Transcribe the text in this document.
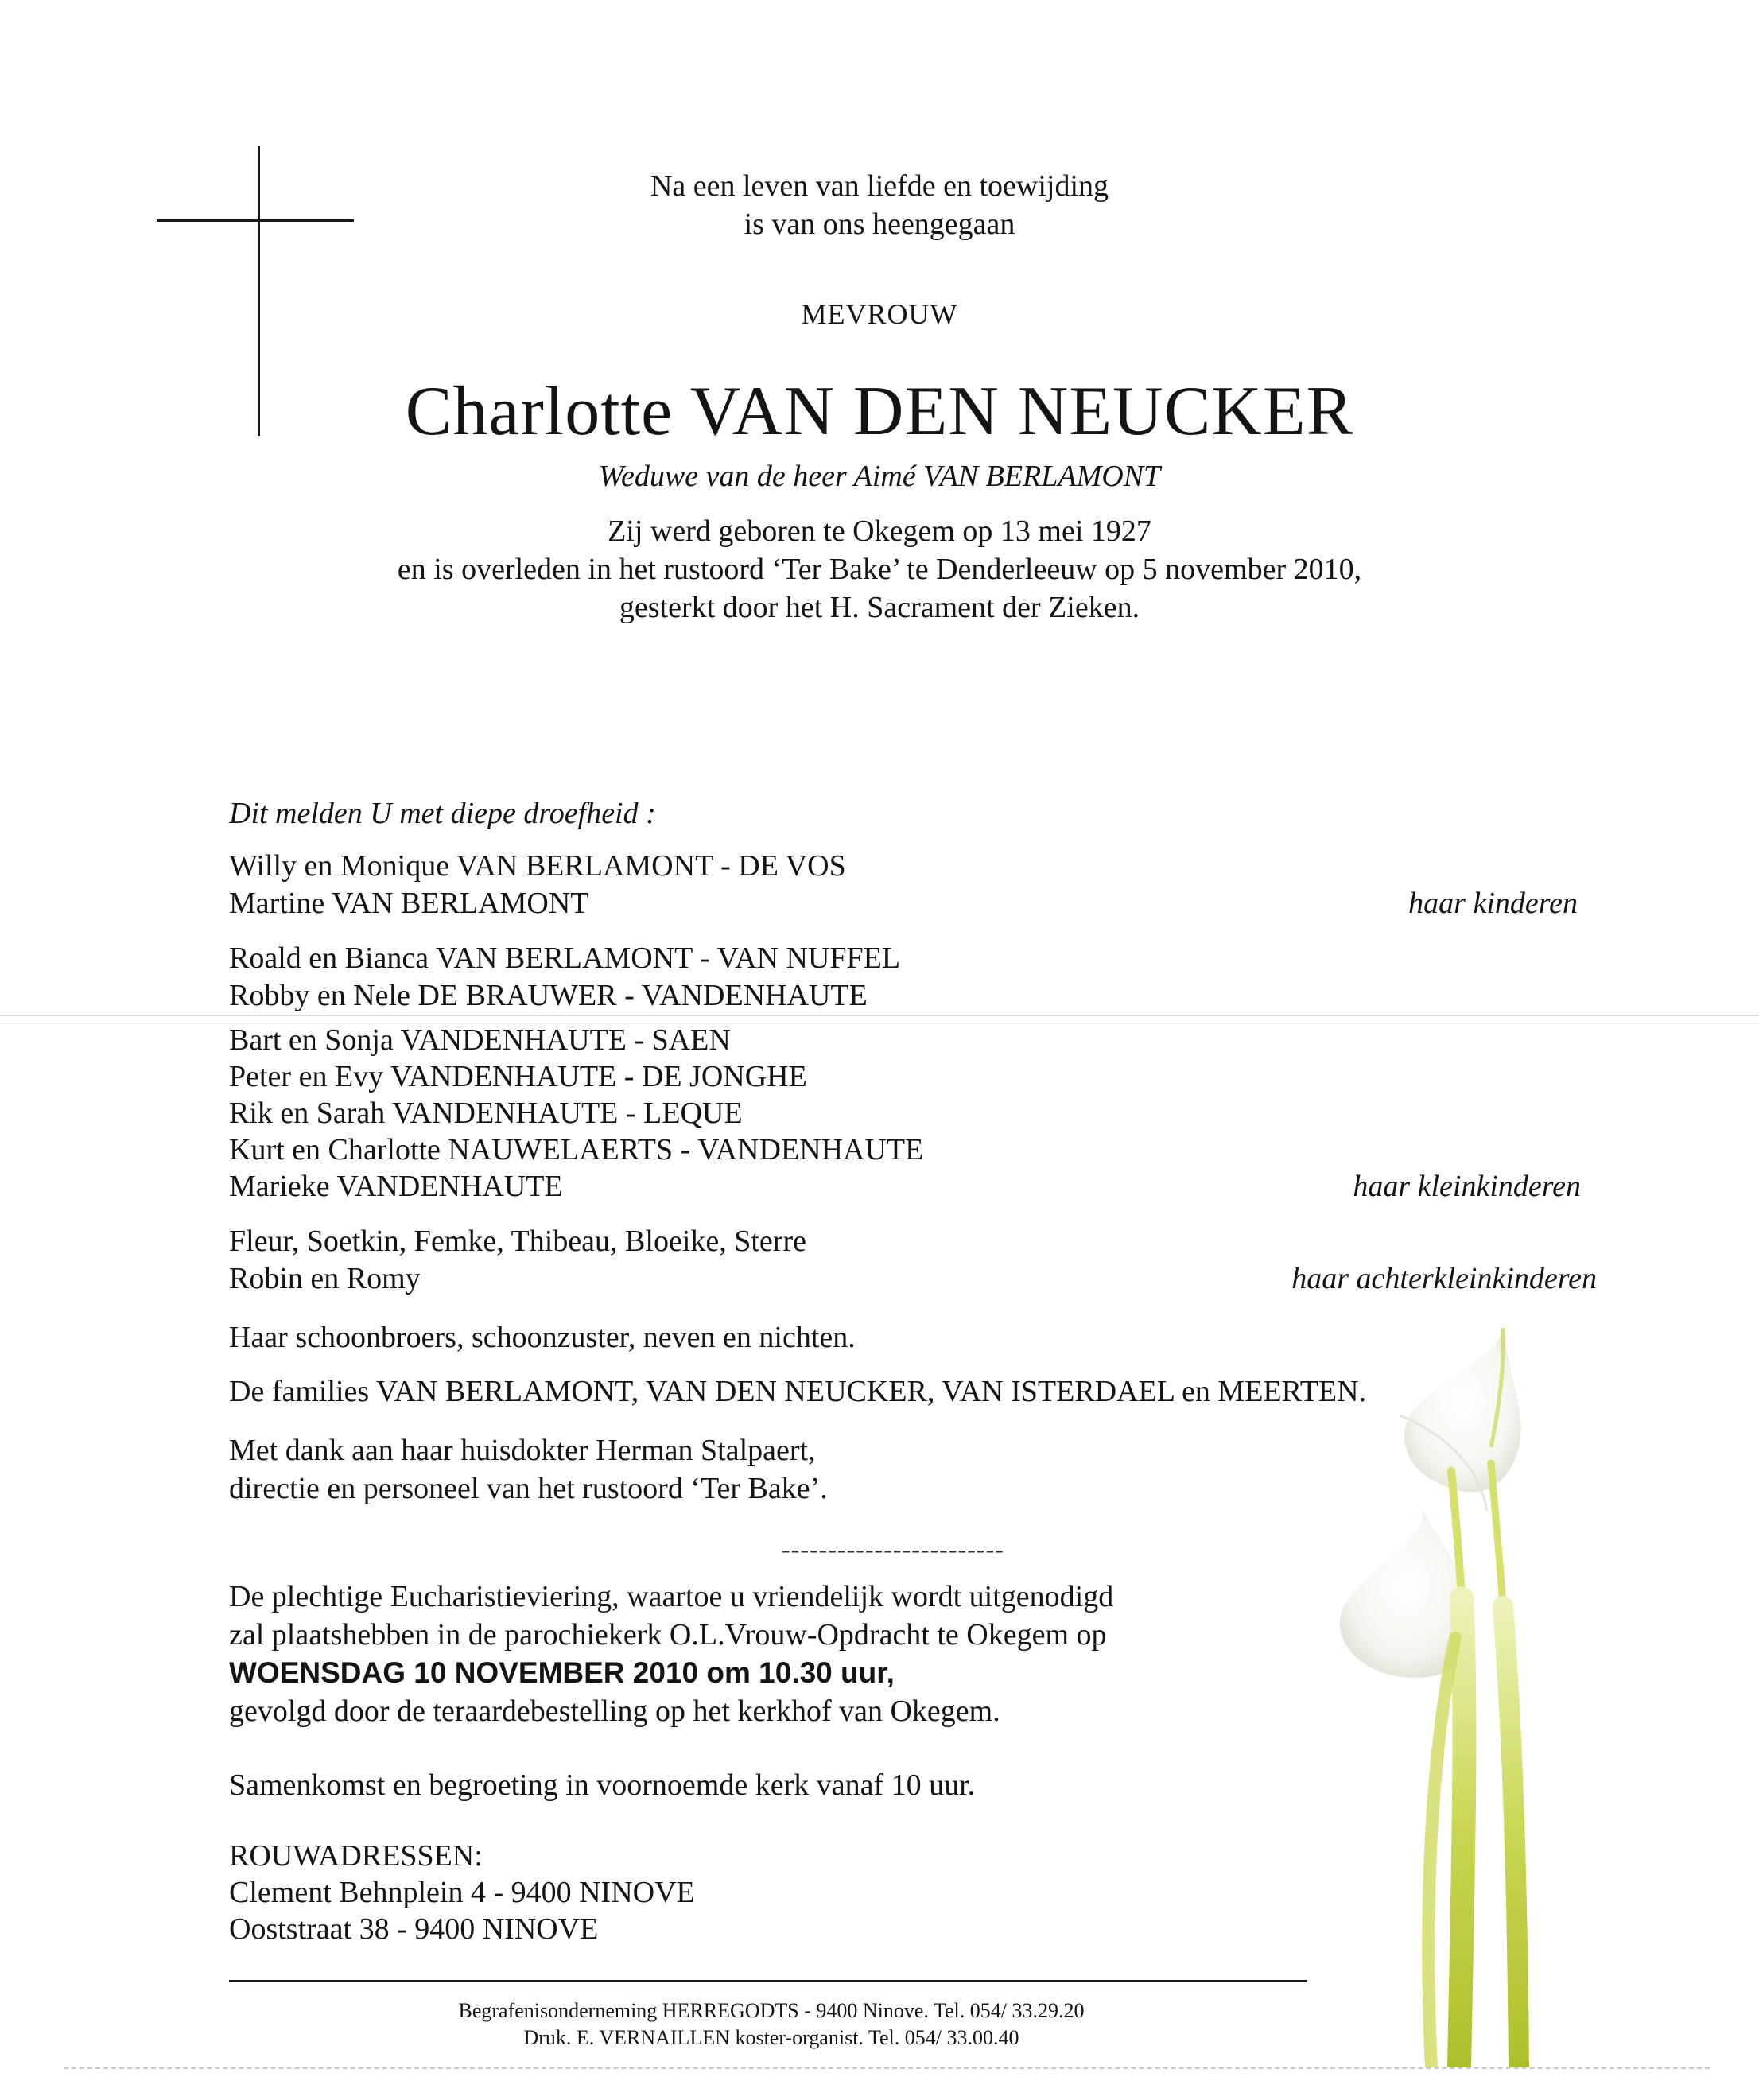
Na een leven van liefde en toewijding
is van ons heengegaan
MEVROUW
Charlotte VAN DEN NEUCKER
Weduwe van de heer Aimé VAN BERLAMONT
Zij werd geboren te Okegem op 13 mei 1927
en is overleden in het rustoord ‘Ter Bake’ te Denderleeuw op 5 november 2010,
gesterkt door het H. Sacrament der Zieken.
Dit melden U met diepe droefheid :
Willy en Monique VAN BERLAMONT - DE VOS
Martine VAN BERLAMONT	haar kinderen
Roald en Bianca VAN BERLAMONT - VAN NUFFEL
Robby en Nele DE BRAUWER - VANDENHAUTE
Bart en Sonja VANDENHAUTE - SAEN
Peter en Evy VANDENHAUTE - DE JONGHE
Rik en Sarah VANDENHAUTE - LEQUE
Kurt en Charlotte NAUWELAERTS - VANDENHAUTE
Marieke VANDENHAUTE	haar kleinkinderen
Fleur, Soetkin, Femke, Thibeau, Bloeike, Sterre
Robin en Romy	haar achterkleinkinderen
Haar schoonbroers, schoonzuster, neven en nichten.
De families VAN BERLAMONT, VAN DEN NEUCKER, VAN ISTERDAEL en MEERTEN.
Met dank aan haar huisdokter Herman Stalpaert,
directie en personeel van het rustoord ‘Ter Bake’.
------------------------
De plechtige Eucharistieviering, waartoe u vriendelijk wordt uitgenodigd
zal plaatshebben in de parochiekerk O.L.Vrouw-Opdracht te Okegem op
WOENSDAG 10 NOVEMBER 2010 om 10.30 uur,
gevolgd door de teraardebestelling op het kerkhof van Okegem.
Samenkomst en begroeting in voornoemde kerk vanaf 10 uur.
ROUWADRESSEN:
Clement Behnplein 4 - 9400 NINOVE
Ooststraat 38 - 9400 NINOVE
Begrafenisonderneming HERREGODTS - 9400 Ninove. Tel. 054/ 33.29.20
Druk. E. VERNAILLEN koster-organist. Tel. 054/ 33.00.40
